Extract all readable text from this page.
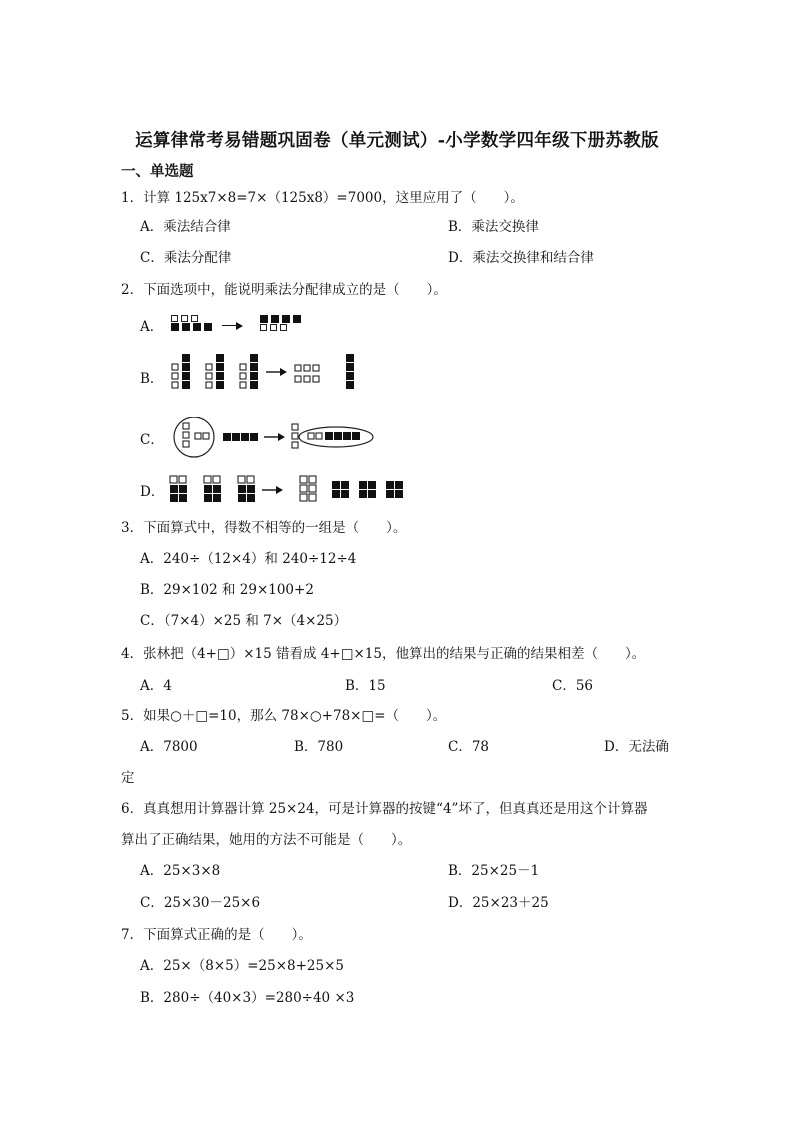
运算律常考易错题巩固卷（单元测试）-小学数学四年级下册苏教版
一、单选题
1．计算 125x7×8=7×（125x8）=7000，这里应用了（　　）。
A．乘法结合律	B．乘法交换律
C．乘法分配律	D．乘法交换律和结合律
2．下面选项中，能说明乘法分配律成立的是（　　）。
A．
B．
C．
D．
3．下面算式中，得数不相等的一组是（　　）。
A．240÷（12×4）和 240÷12÷4
B．29×102 和 29×100+2
C．（7×4）×25 和 7×（4×25）
4．张林把（4+□）×15 错看成 4+□×15，他算出的结果与正确的结果相差（　　）。
A．4	B．15	C．56
5．如果○＋□=10，那么 78×○+78×□=（　　）。
A．7800	B．780	C．78	D．无法确
定
6．真真想用计算器计算 25×24，可是计算器的按键“4”坏了，但真真还是用这个计算器
算出了正确结果，她用的方法不可能是（　　）。
A．25×3×8	B．25×25－1
C．25×30－25×6	D．25×23＋25
7．下面算式正确的是（　　）。
A．25×（8×5）=25×8+25×5
B．280÷（40×3）=280÷40 ×3
